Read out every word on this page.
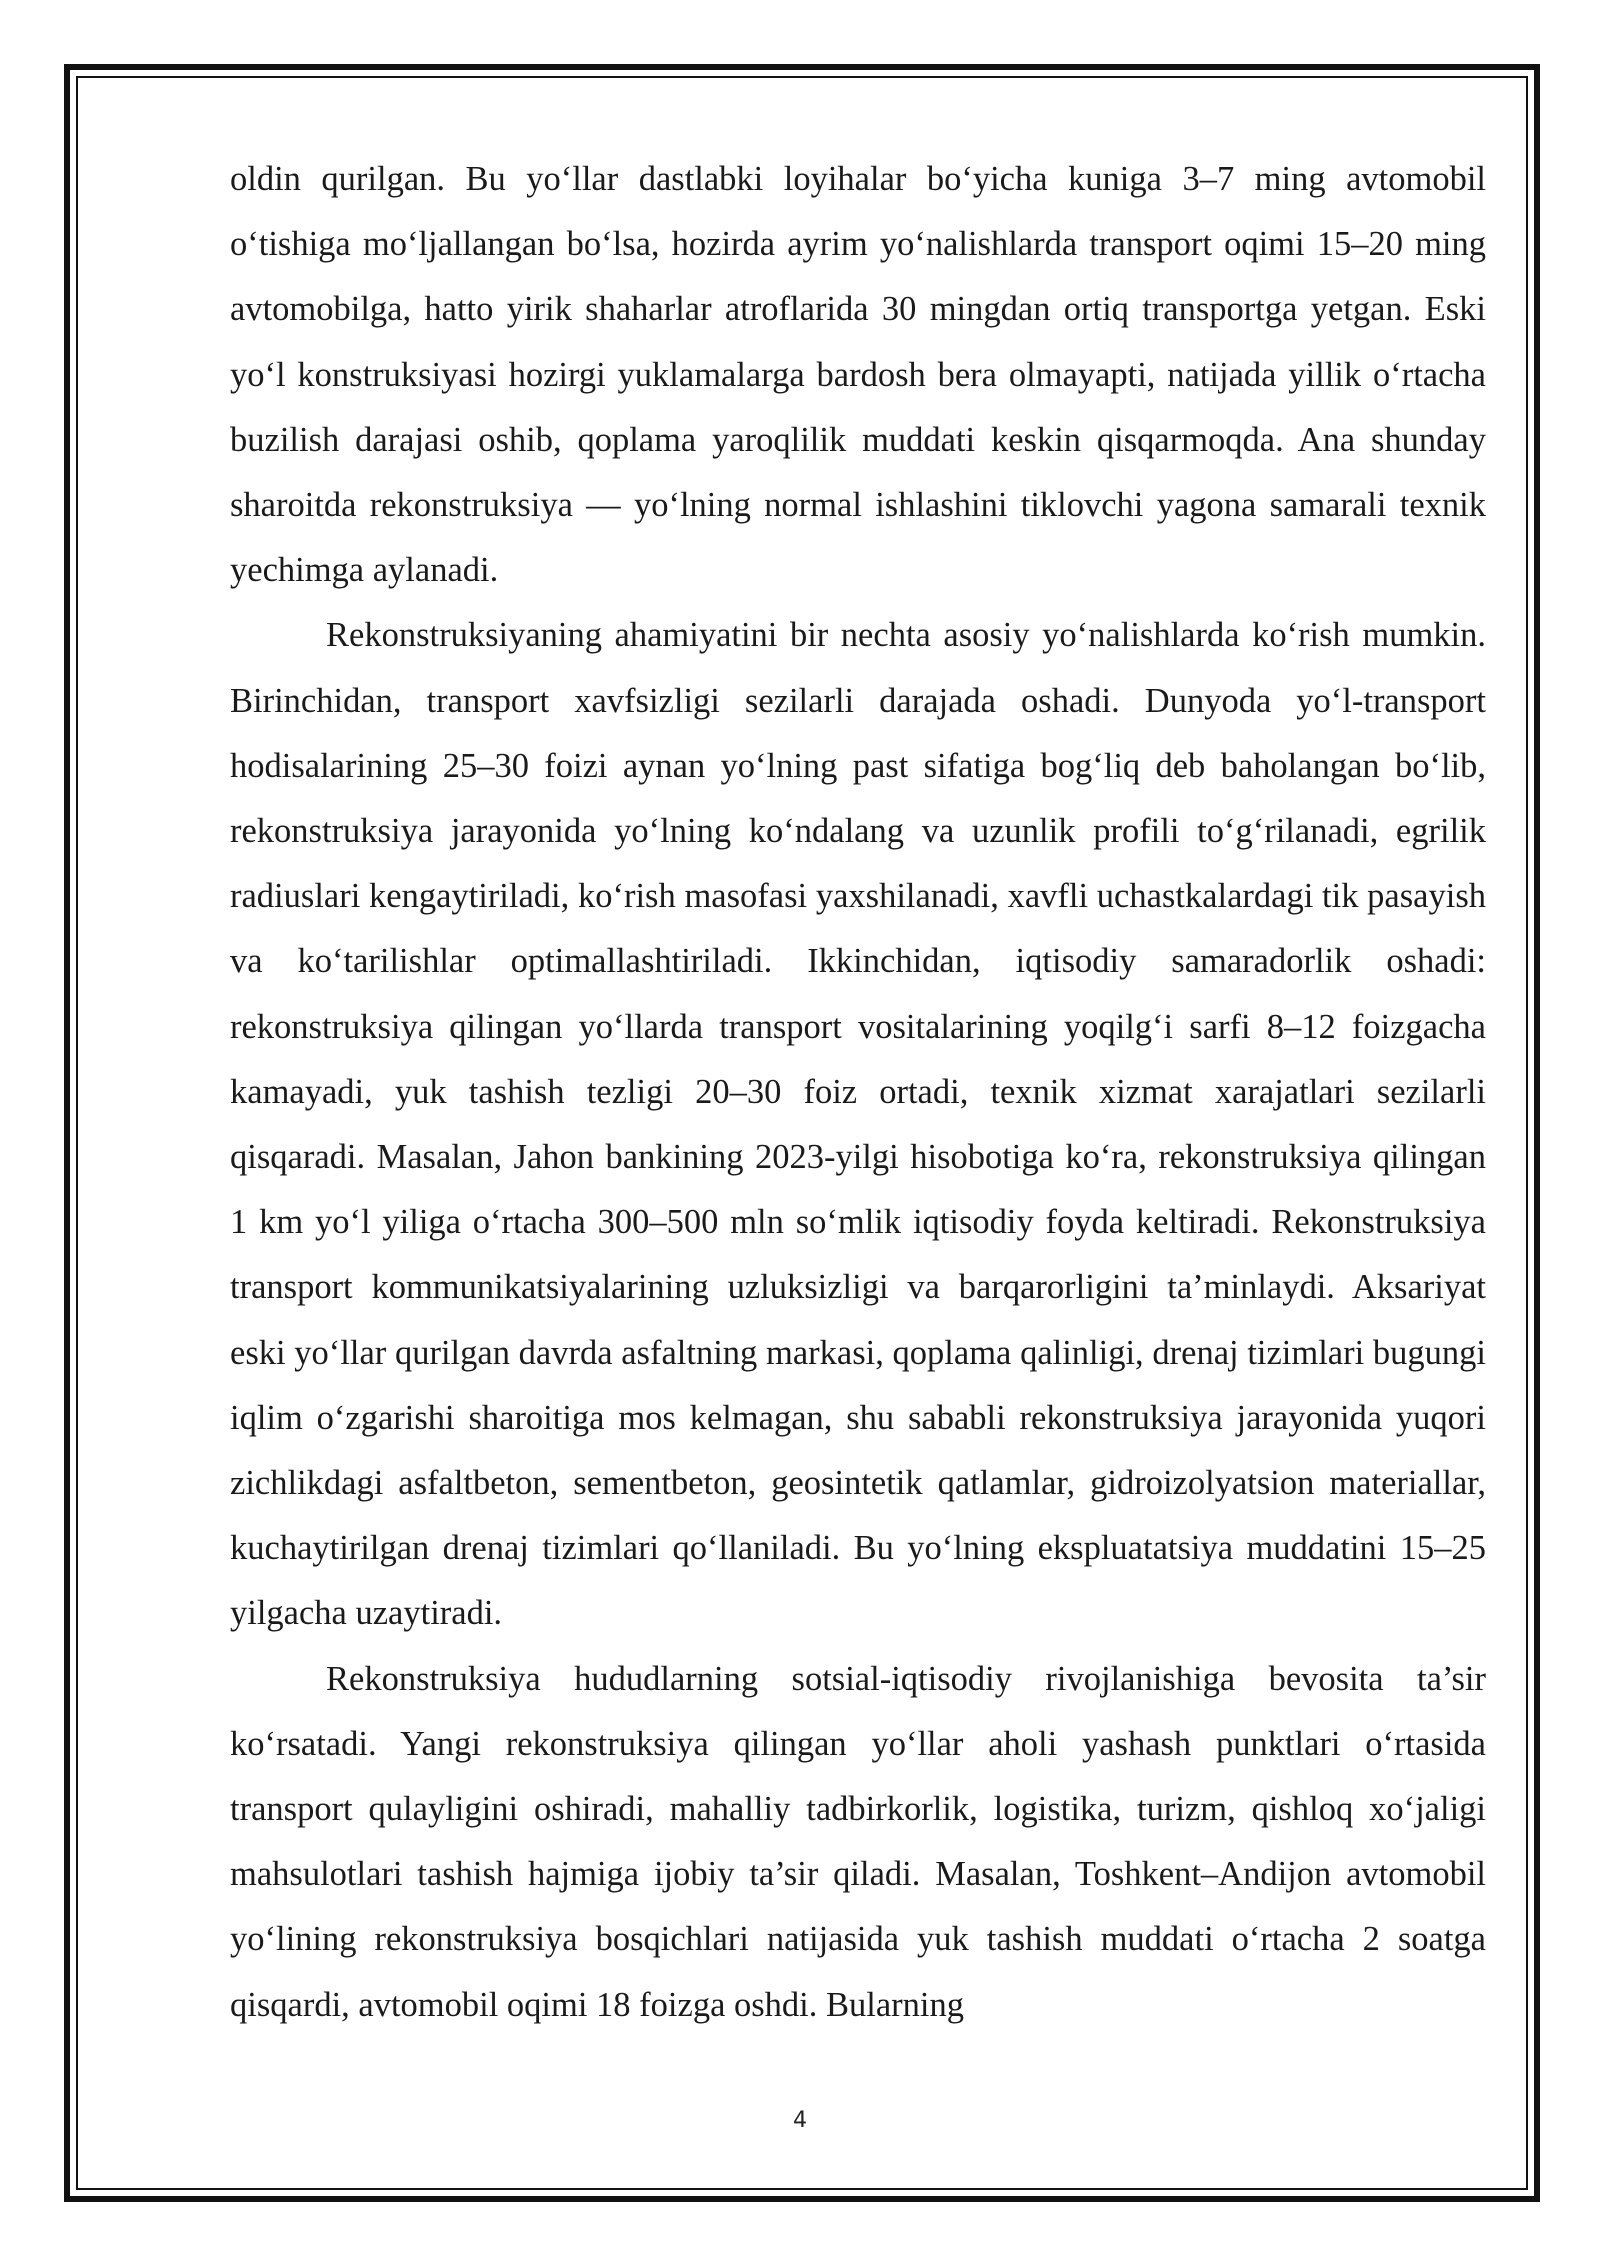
oldin qurilgan. Bu yo‘llar dastlabki loyihalar bo‘yicha kuniga 3–7 ming avtomobil o‘tishiga mo‘ljallangan bo‘lsa, hozirda ayrim yo‘nalishlarda transport oqimi 15–20 ming avtomobilga, hatto yirik shaharlar atroflarida 30 mingdan ortiq transportga yetgan. Eski yo‘l konstruksiyasi hozirgi yuklamalarga bardosh bera olmayapti, natijada yillik o‘rtacha buzilish darajasi oshib, qoplama yaroqlilik muddati keskin qisqarmoqda. Ana shunday sharoitda rekonstruksiya — yo‘lning normal ishlashini tiklovchi yagona samarali texnik yechimga aylanadi.

Rekonstruksiyaning ahamiyatini bir nechta asosiy yo‘nalishlarda ko‘rish mumkin. Birinchidan, transport xavfsizligi sezilarli darajada oshadi. Dunyoda yo‘l-transport hodisalarining 25–30 foizi aynan yo‘lning past sifatiga bog‘liq deb baholangan bo‘lib, rekonstruksiya jarayonida yo‘lning ko‘ndalang va uzunlik profili to‘g‘rilanadi, egrilik radiuslari kengaytiriladi, ko‘rish masofasi yaxshilanadi, xavfli uchastkalardagi tik pasayish va ko‘tarilishlar optimallashtiriladi. Ikkinchidan, iqtisodiy samaradorlik oshadi: rekonstruksiya qilingan yo‘llarda transport vositalarining yoqilg‘i sarfi 8–12 foizgacha kamayadi, yuk tashish tezligi 20–30 foiz ortadi, texnik xizmat xarajatlari sezilarli qisqaradi. Masalan, Jahon bankining 2023-yilgi hisobotiga ko‘ra, rekonstruksiya qilingan 1 km yo‘l yiliga o‘rtacha 300–500 mln so‘mlik iqtisodiy foyda keltiradi. Rekonstruksiya transport kommunikatsiyalarining uzluksizligi va barqarorligini ta’minlaydi. Aksariyat eski yo‘llar qurilgan davrda asfaltning markasi, qoplama qalinligi, drenaj tizimlari bugungi iqlim o‘zgarishi sharoitiga mos kelmagan, shu sababli rekonstruksiya jarayonida yuqori zichlikdagi asfaltbeton, sementbeton, geosintetik qatlamlar, gidroizolyatsion materiallar, kuchaytirilgan drenaj tizimlari qo‘llaniladi. Bu yo‘lning ekspluatatsiya muddatini 15–25 yilgacha uzaytiradi.

Rekonstruksiya hududlarning sotsial-iqtisodiy rivojlanishiga bevosita ta’sir ko‘rsatadi. Yangi rekonstruksiya qilingan yo‘llar aholi yashash punktlari o‘rtasida transport qulayligini oshiradi, mahalliy tadbirkorlik, logistika, turizm, qishloq xo‘jaligi mahsulotlari tashish hajmiga ijobiy ta’sir qiladi. Masalan, Toshkent–Andijon avtomobil yo‘lining rekonstruksiya bosqichlari natijasida yuk tashish muddati o‘rtacha 2 soatga qisqardi, avtomobil oqimi 18 foizga oshdi. Bularning

4
